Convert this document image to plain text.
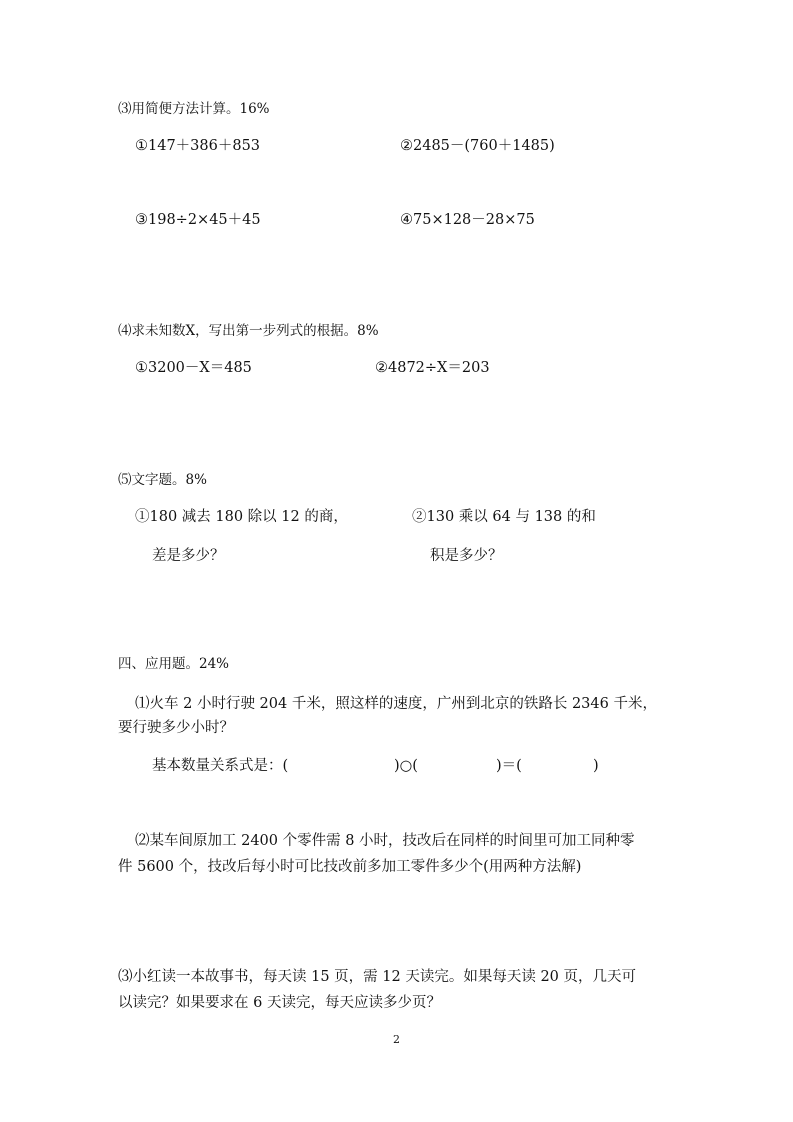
⑶用简便方法计算。16%
①147＋386＋853	②2485－(760＋1485)
③198÷2×45＋45	④75×128－28×75
⑷求未知数X，写出第一步列式的根据。8%
①3200－X＝485	②4872÷X＝203
⑸文字题。8%
①180 减去 180 除以 12 的商，
差是多少？
②130 乘以 64 与 138 的和
积是多少？
四、应用题。24%
⑴火车 2 小时行驶 204 千米，照这样的速度，广州到北京的铁路长 2346 千米，
要行驶多少小时？
基本数量关系式是：(	)○(	)＝(	)
⑵某车间原加工 2400 个零件需 8 小时，技改后在同样的时间里可加工同种零
件 5600 个，技改后每小时可比技改前多加工零件多少个(用两种方法解)
⑶小红读一本故事书，每天读 15 页，需 12 天读完。如果每天读 20 页，几天可
以读完？如果要求在 6 天读完，每天应读多少页？
2
